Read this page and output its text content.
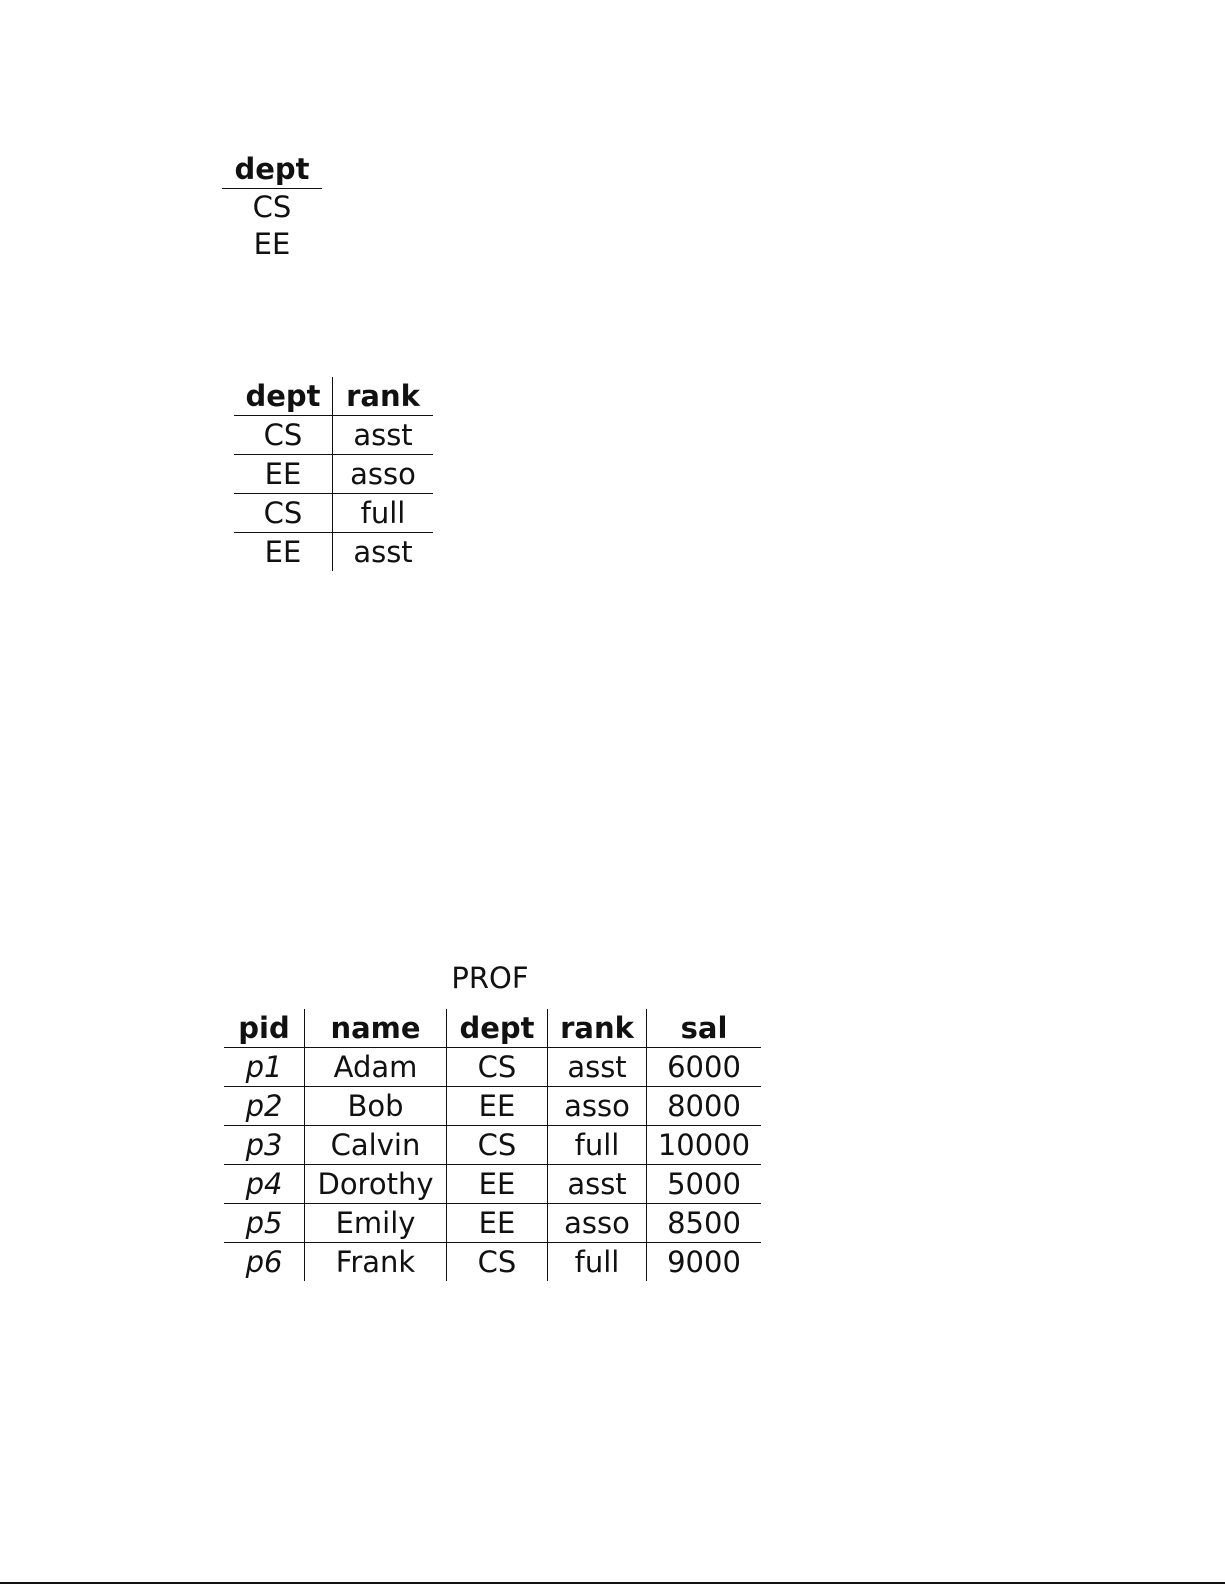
dept
CS
EE
dept	rank
CS	asst
EE	asso
CS	full
EE	asst
PROF
pid	name	dept	rank	sal
p1	Adam	CS	asst	6000
p2	Bob	EE	asso	8000
p3	Calvin	CS	full	10000
p4	Dorothy	EE	asst	5000
p5	Emily	EE	asso	8500
p6	Frank	CS	full	9000
